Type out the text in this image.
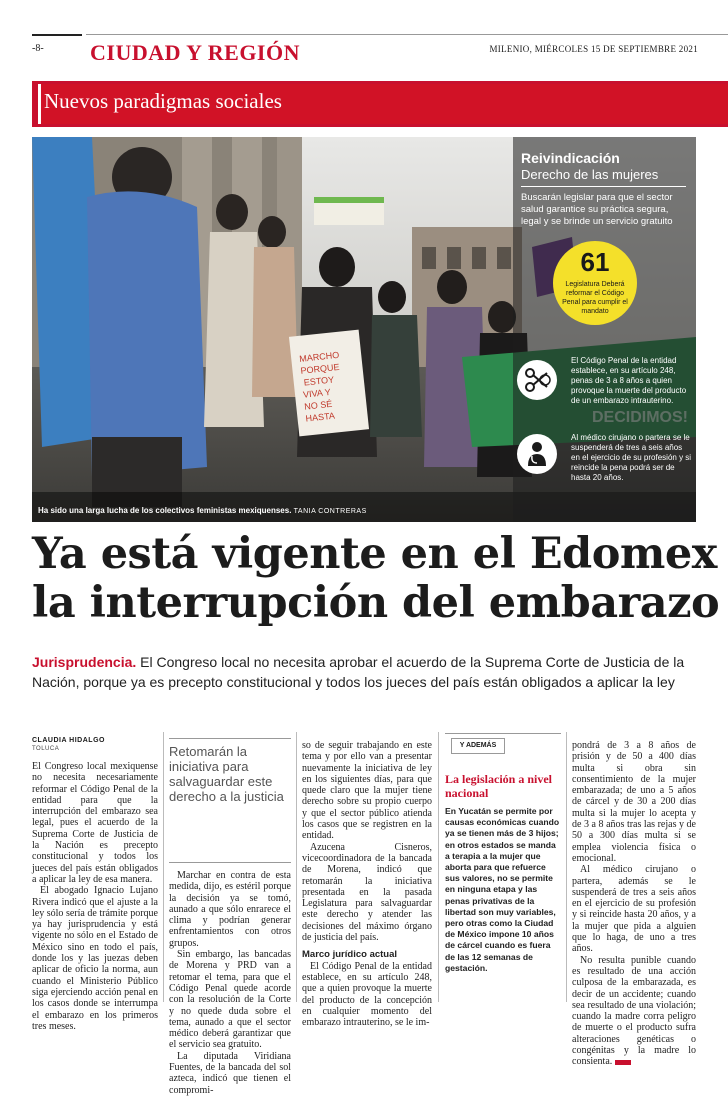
-8- CIUDAD Y REGIÓN	MILENIO, MIÉRCOLES 15 DE SEPTIEMBRE 2021
Nuevos paradigmas sociales
MARCHO
PORQUE
ESTOY
VIVA Y
NO SÉ
HASTA
Ha sido una larga lucha de los colectivos feministas mexiquenses. TANIA CONTRERAS
Reivindicación
Derecho de las mujeres
Buscarán legislar para que el sector salud garantice su práctica segura, legal y se brinde un servicio gratuito
61
Legislatura Deberá reformar el Código Penal para cumplir el mandato
El Código Penal de la entidad establece, en su artículo 248, penas de 3 a 8 años a quien provoque la muerte del producto de un embarazo intrauterino.
Al médico cirujano o partera se le suspenderá de tres a seis años en el ejercicio de su profesión y si reincide la pena podrá ser de hasta 20 años.
Ya está vigente en el Edomex la interrupción del embarazo
Jurisprudencia. El Congreso local no necesita aprobar el acuerdo de la Suprema Corte de Justicia de la Nación, porque ya es precepto constitucional y todos los jueces del país están obligados a aplicar la ley
CLAUDIA HIDALGO
TOLUCA

El Congreso local mexiquense no necesita necesariamente reformar el Código Penal de la entidad para que la interrupción del embarazo sea legal, pues el acuerdo de la Suprema Corte de Justicia de la Nación es precepto constitucional y todos los jueces del país están obligados a aplicar la ley de esa manera.

El abogado Ignacio Lujano Rivera indicó que el ajuste a la ley sólo sería de trámite porque ya hay jurisprudencia y está vigente no sólo en el Estado de México sino en todo el país, donde los y las juezas deben aplicar de oficio la norma, aun cuando el Ministerio Público siga ejerciendo acción penal en los casos donde se interrumpa el embarazo en los primeros tres meses.

Retomarán la iniciativa para salvaguardar este derecho a la justicia

Marchar en contra de esta medida, dijo, es estéril porque la decisión ya se tomó, aunado a que sólo enrarece el clima y podrían generar enfrentamientos con otros grupos.

Sin embargo, las bancadas de Morena y PRD van a retomar el tema, para que el Código Penal quede acorde con la resolución de la Corte y no quede duda sobre el tema, aunado a que el sector médico deberá garantizar que el servicio sea gratuito.

La diputada Viridiana Fuentes, de la bancada del sol azteca, indicó que tienen el compromi-

so de seguir trabajando en este tema y por ello van a presentar nuevamente la iniciativa de ley en los siguientes días, para que quede claro que la mujer tiene derecho sobre su propio cuerpo y que el sector público atienda los casos que se registren en la entidad.

Azucena Cisneros, vicecoordinadora de la bancada de Morena, indicó que retomarán la iniciativa presentada en la pasada Legislatura para salvaguardar este derecho y atender las decisiones del máximo órgano de justicia del país.

Marco jurídico actual

El Código Penal de la entidad establece, en su artículo 248, que a quien provoque la muerte del producto de la concepción en cualquier momento del embarazo intrauterino, se le im-

Y ADEMÁS
La legislación a nivel nacional

En Yucatán se permite por causas económicas cuando ya se tienen más de 3 hijos; en otros estados se manda a terapia a la mujer que aborta para que refuerce sus valores, no se permite en ninguna etapa y las penas privativas de la libertad son muy variables, pero otras como la Ciudad de México impone 10 años de cárcel cuando es fuera de las 12 semanas de gestación.

pondrá de 3 a 8 años de prisión y de 50 a 400 días multa si obra sin consentimiento de la mujer embarazada; de uno a 5 años de cárcel y de 30 a 200 días multa si la mujer lo acepta y de 3 a 8 años tras las rejas y de 50 a 300 días multa si se emplea violencia física o emocional.

Al médico cirujano o partera, además se le suspenderá de tres a seis años en el ejercicio de su profesión y si reincide hasta 20 años, y a la mujer que pida a alguien que lo haga, de uno a tres años.

No resulta punible cuando es resultado de una acción culposa de la embarazada, es decir de un accidente; cuando sea resultado de una violación; cuando la madre corra peligro de muerte o el producto sufra alteraciones genéticas o congénitas y la madre lo consienta.
